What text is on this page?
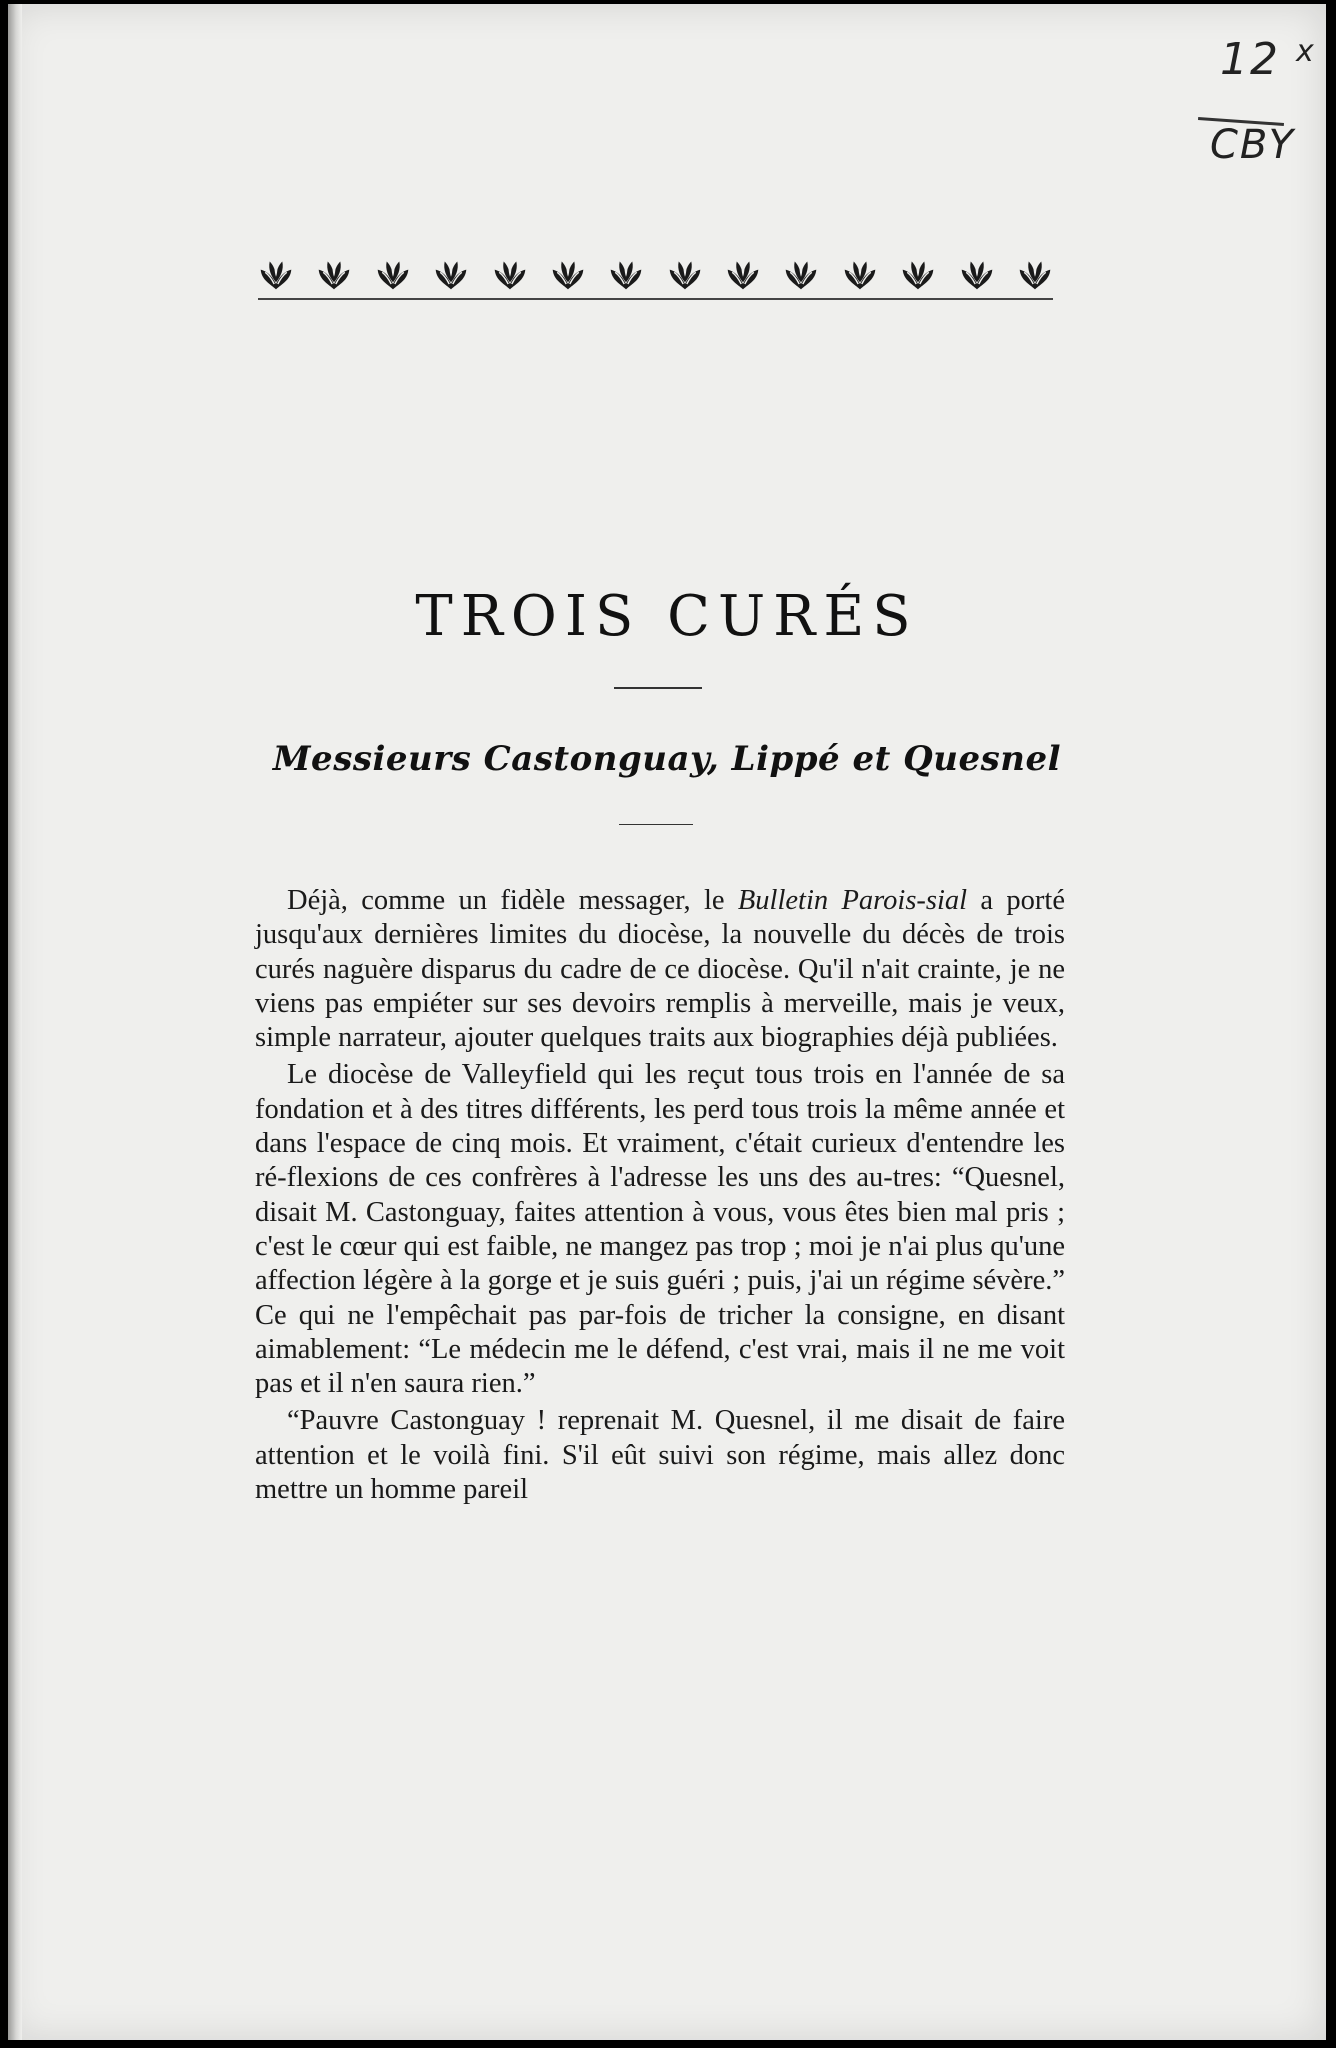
12 $^x$
CBY
TROIS CURÉS
Messieurs Castonguay, Lippé et Quesnel

Déjà, comme un fidèle messager, le Bulletin Parois-sial a porté jusqu'aux dernières limites du diocèse, la nouvelle du décès de trois curés naguère disparus du cadre de ce diocèse. Qu'il n'ait crainte, je ne viens pas empiéter sur ses devoirs remplis à merveille, mais je veux, simple narrateur, ajouter quelques traits aux biographies déjà publiées.

Le diocèse de Valleyfield qui les reçut tous trois en l'année de sa fondation et à des titres différents, les perd tous trois la même année et dans l'espace de cinq mois. Et vraiment, c'était curieux d'entendre les ré-flexions de ces confrères à l'adresse les uns des au-tres: “Quesnel, disait M. Castonguay, faites attention à vous, vous êtes bien mal pris ; c'est le cœur qui est faible, ne mangez pas trop ; moi je n'ai plus qu'une affection légère à la gorge et je suis guéri ; puis, j'ai un régime sévère.” Ce qui ne l'empêchait pas par-fois de tricher la consigne, en disant aimablement: “Le médecin me le défend, c'est vrai, mais il ne me voit pas et il n'en saura rien.”

“Pauvre Castonguay ! reprenait M. Quesnel, il me disait de faire attention et le voilà fini. S'il eût suivi son régime, mais allez donc mettre un homme pareil
